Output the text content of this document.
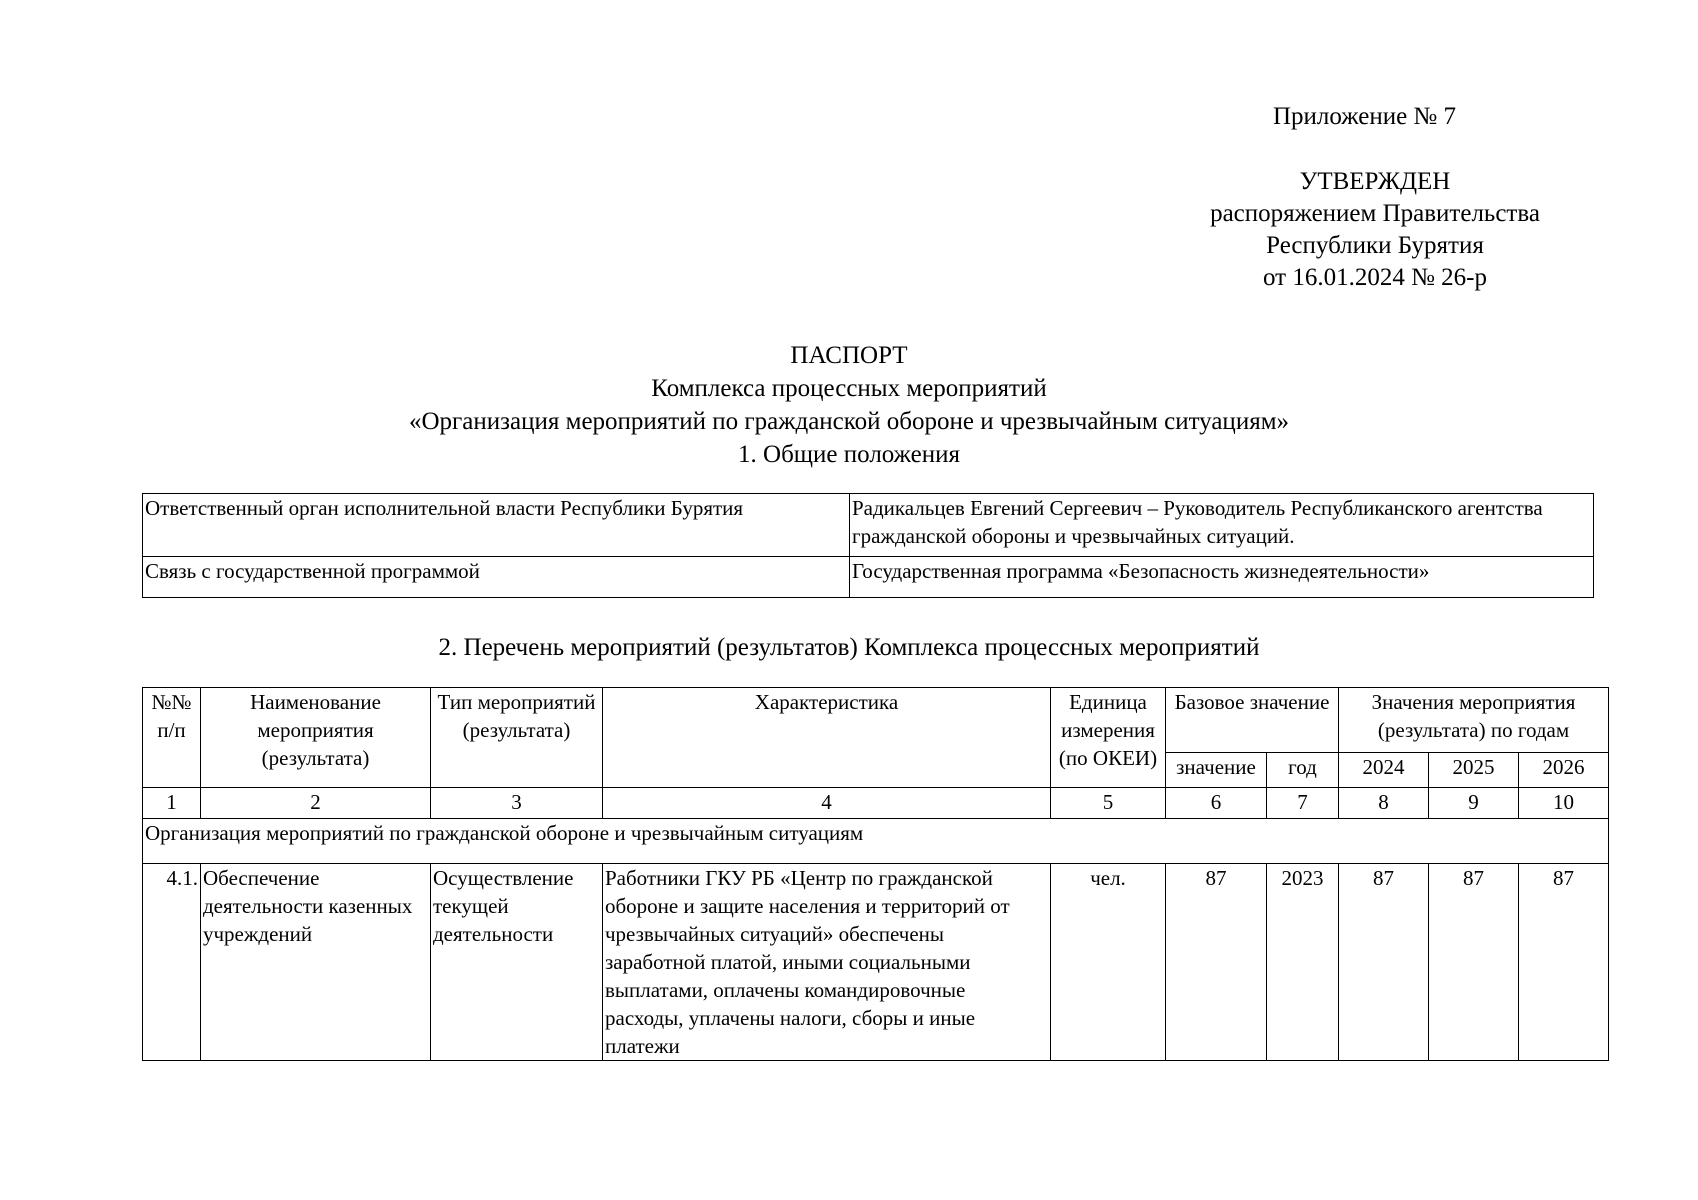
Приложение № 7
УТВЕРЖДЕН
распоряжением Правительства
Республики Бурятия
от 16.01.2024 № 26-р
ПАСПОРТ
Комплекса процессных мероприятий
«Организация мероприятий по гражданской обороне и чрезвычайным ситуациям»
1. Общие положения
Ответственный орган исполнительной власти Республики Бурятия	Радикальцев Евгений Сергеевич – Руководитель Республиканского агентства гражданской обороны и чрезвычайных ситуаций.
Связь с государственной программой	Государственная программа «Безопасность жизнедеятельности»
2. Перечень мероприятий (результатов) Комплекса процессных мероприятий
№№ п/п	Наименование мероприятия (результата)	Тип мероприятий (результата)	Характеристика	Единица измерения (по ОКЕИ)	Базовое значение		Значения мероприятия (результата) по годам		
					значение	год	2024	2025	2026
1	2	3	4	5	6	7	8	9	10
Организация мероприятий по гражданской обороне и чрезвычайным ситуациям									
4.1.	Обеспечение деятельности казенных учреждений	Осуществление текущей деятельности	Работники ГКУ РБ «Центр по гражданской обороне и защите населения и территорий от чрезвычайных ситуаций» обеспечены заработной платой, иными социальными выплатами, оплачены командировочные расходы, уплачены налоги, сборы и иные платежи	чел.	87	2023	87	87	87
